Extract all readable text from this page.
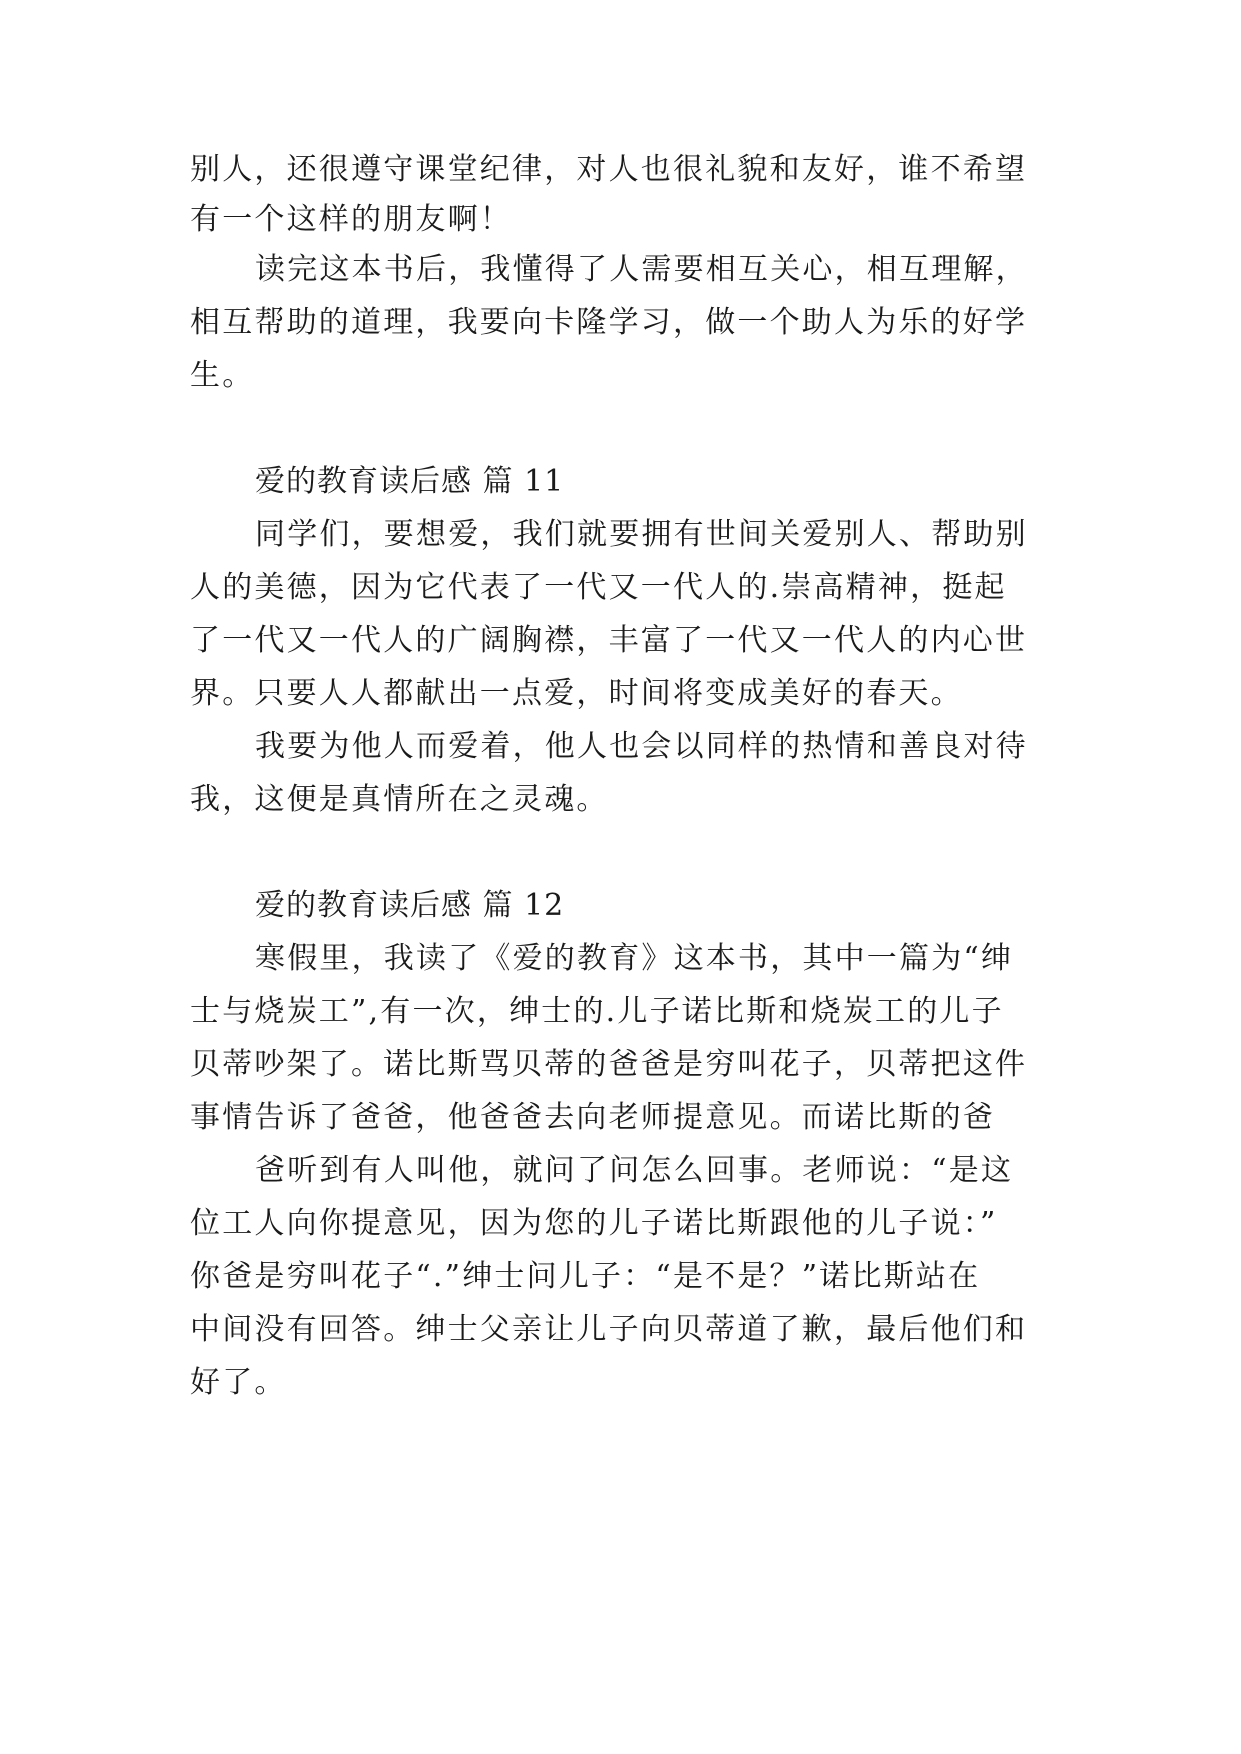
别人，还很遵守课堂纪律，对人也很礼貌和友好，谁不希望
有一个这样的朋友啊！
读完这本书后，我懂得了人需要相互关心，相互理解，
相互帮助的道理，我要向卡隆学习，做一个助人为乐的好学
生。
爱的教育读后感 篇 11
同学们，要想爱，我们就要拥有世间关爱别人、帮助别
人的美德，因为它代表了一代又一代人的.崇高精神，挺起
了一代又一代人的广阔胸襟，丰富了一代又一代人的内心世
界。只要人人都献出一点爱，时间将变成美好的春天。
我要为他人而爱着，他人也会以同样的热情和善良对待
我，这便是真情所在之灵魂。
爱的教育读后感 篇 12
寒假里，我读了《爱的教育》这本书，其中一篇为“绅
士与烧炭工”,有一次，绅士的.儿子诺比斯和烧炭工的儿子
贝蒂吵架了。诺比斯骂贝蒂的爸爸是穷叫花子，贝蒂把这件
事情告诉了爸爸，他爸爸去向老师提意见。而诺比斯的爸
爸听到有人叫他，就问了问怎么回事。老师说：“是这
位工人向你提意见，因为您的儿子诺比斯跟他的儿子说：”
你爸是穷叫花子“.”绅士问儿子：“是不是？”诺比斯站在
中间没有回答。绅士父亲让儿子向贝蒂道了歉，最后他们和
好了。
